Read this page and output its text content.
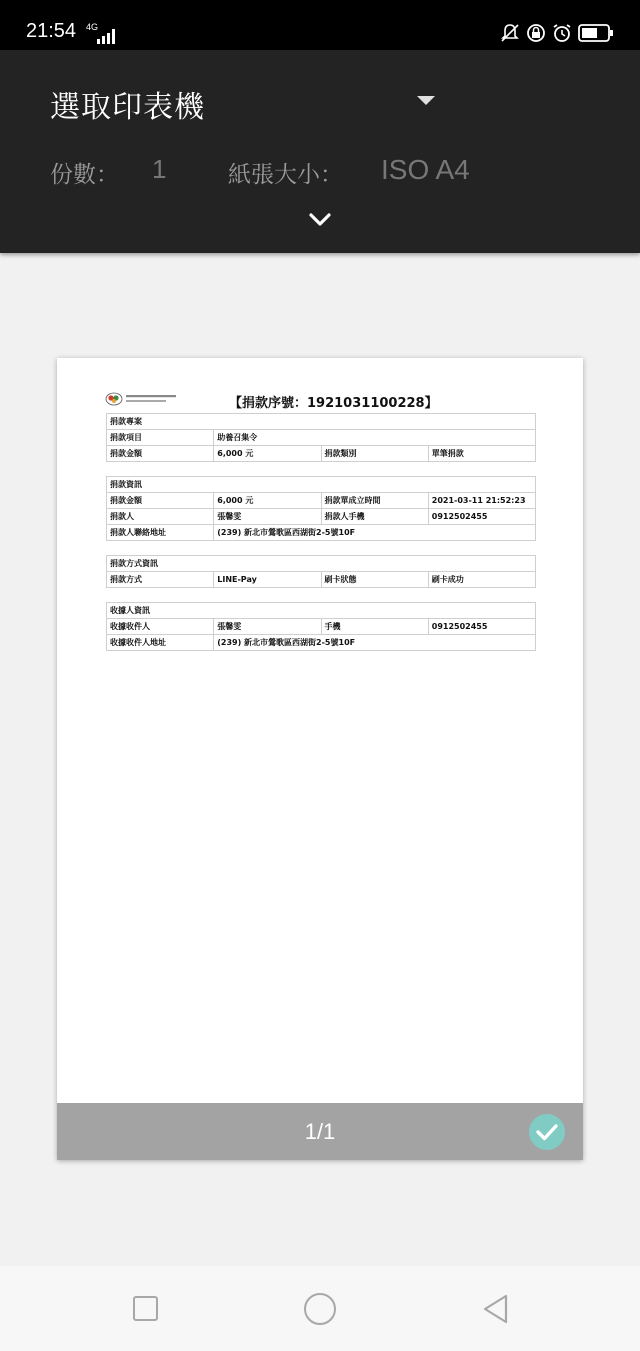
21:54 4G
選取印表機
份數： 1	紙張大小： ISO A4
【捐款序號：1921031100228】
捐款專案			
捐款項目	助養召集令		
捐款金額	6,000 元	捐款類別	單筆捐款
捐款資訊			
捐款金額	6,000 元	捐款單成立時間	2021-03-11 21:52:23
捐款人	張馨雯	捐款人手機	0912502455
捐款人聯絡地址	(239) 新北市鶯歌區西湖街2-5號10F		
捐款方式資訊
捐款方式	LINE-Pay	刷卡狀態	刷卡成功
收據人資訊			
收據收件人	張馨雯	手機	0912502455
收據收件人地址	(239) 新北市鶯歌區西湖街2-5號10F		
1/1
